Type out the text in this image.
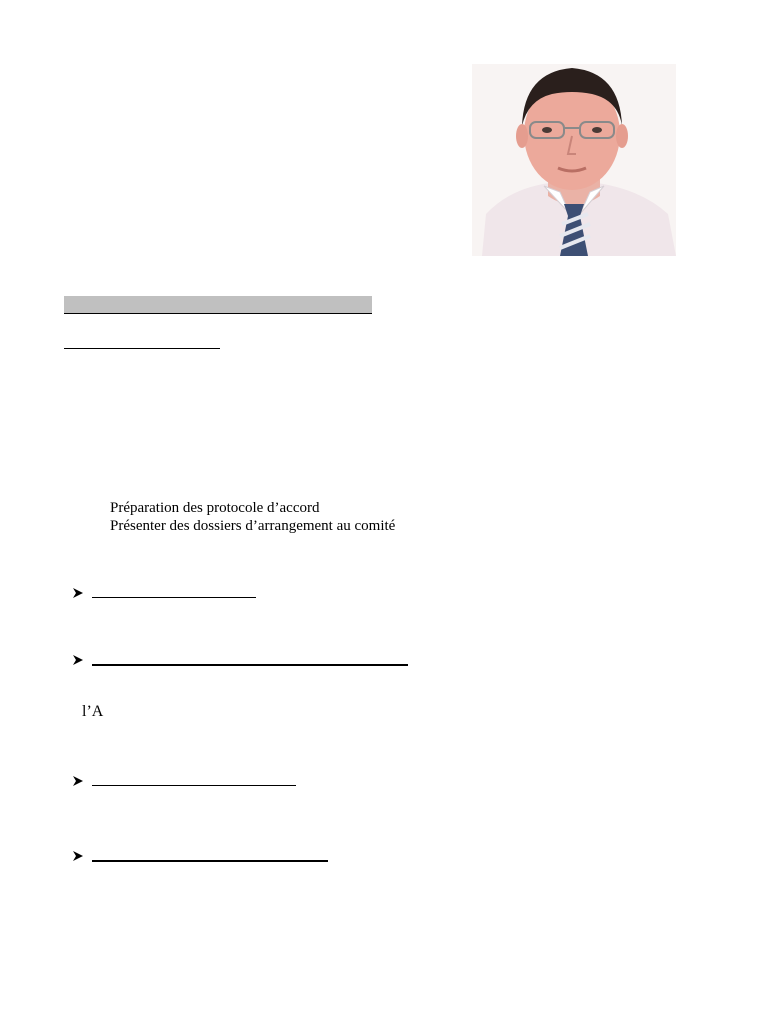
Préparation des protocole d’accord
Présenter des dossiers d’arrangement au comité
l’A
